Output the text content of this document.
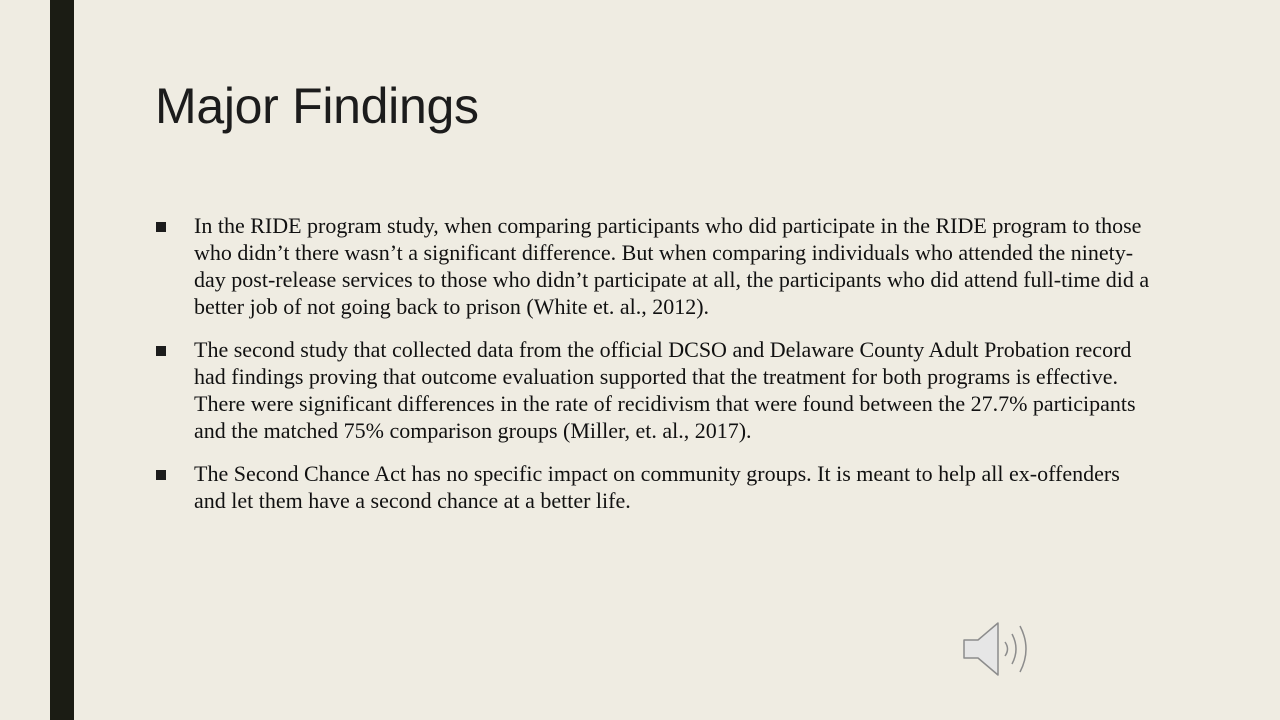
Major Findings
In the RIDE program study, when comparing participants who did participate in the RIDE program to those who didn’t there wasn’t a significant difference. But when comparing individuals who attended the ninety-day post-release services to those who didn’t participate at all, the participants who did attend full-time did a better job of not going back to prison (White et. al., 2012).
The second study that collected data from the official DCSO and Delaware County Adult Probation record had findings proving that outcome evaluation supported that the treatment for both programs is effective. There were significant differences in the rate of recidivism that were found between the 27.7% participants and the matched 75% comparison groups (Miller, et. al., 2017).
The Second Chance Act has no specific impact on community groups. It is meant to help all ex-offenders and let them have a second chance at a better life.
